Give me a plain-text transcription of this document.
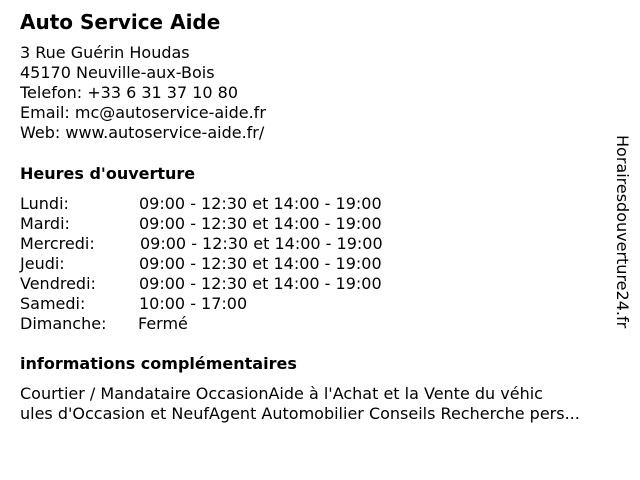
Auto Service Aide
3 Rue Guérin Houdas
45170 Neuville-aux-Bois
Telefon: +33 6 31 37 10 80
Email: mc@autoservice-aide.fr
Web: www.autoservice-aide.fr/
Heures d'ouverture
Lundi:	09:00 - 12:30 et 14:00 - 19:00
Mardi:	09:00 - 12:30 et 14:00 - 19:00
Mercredi:	09:00 - 12:30 et 14:00 - 19:00
Jeudi:	09:00 - 12:30 et 14:00 - 19:00
Vendredi:	09:00 - 12:30 et 14:00 - 19:00
Samedi:	10:00 - 17:00
Dimanche: Fermé
informations complémentaires
Courtier / Mandataire OccasionAide à l'Achat et la Vente du véhic
ules d'Occasion et NeufAgent Automobilier Conseils Recherche pers...
Horairesdouverture24.fr
